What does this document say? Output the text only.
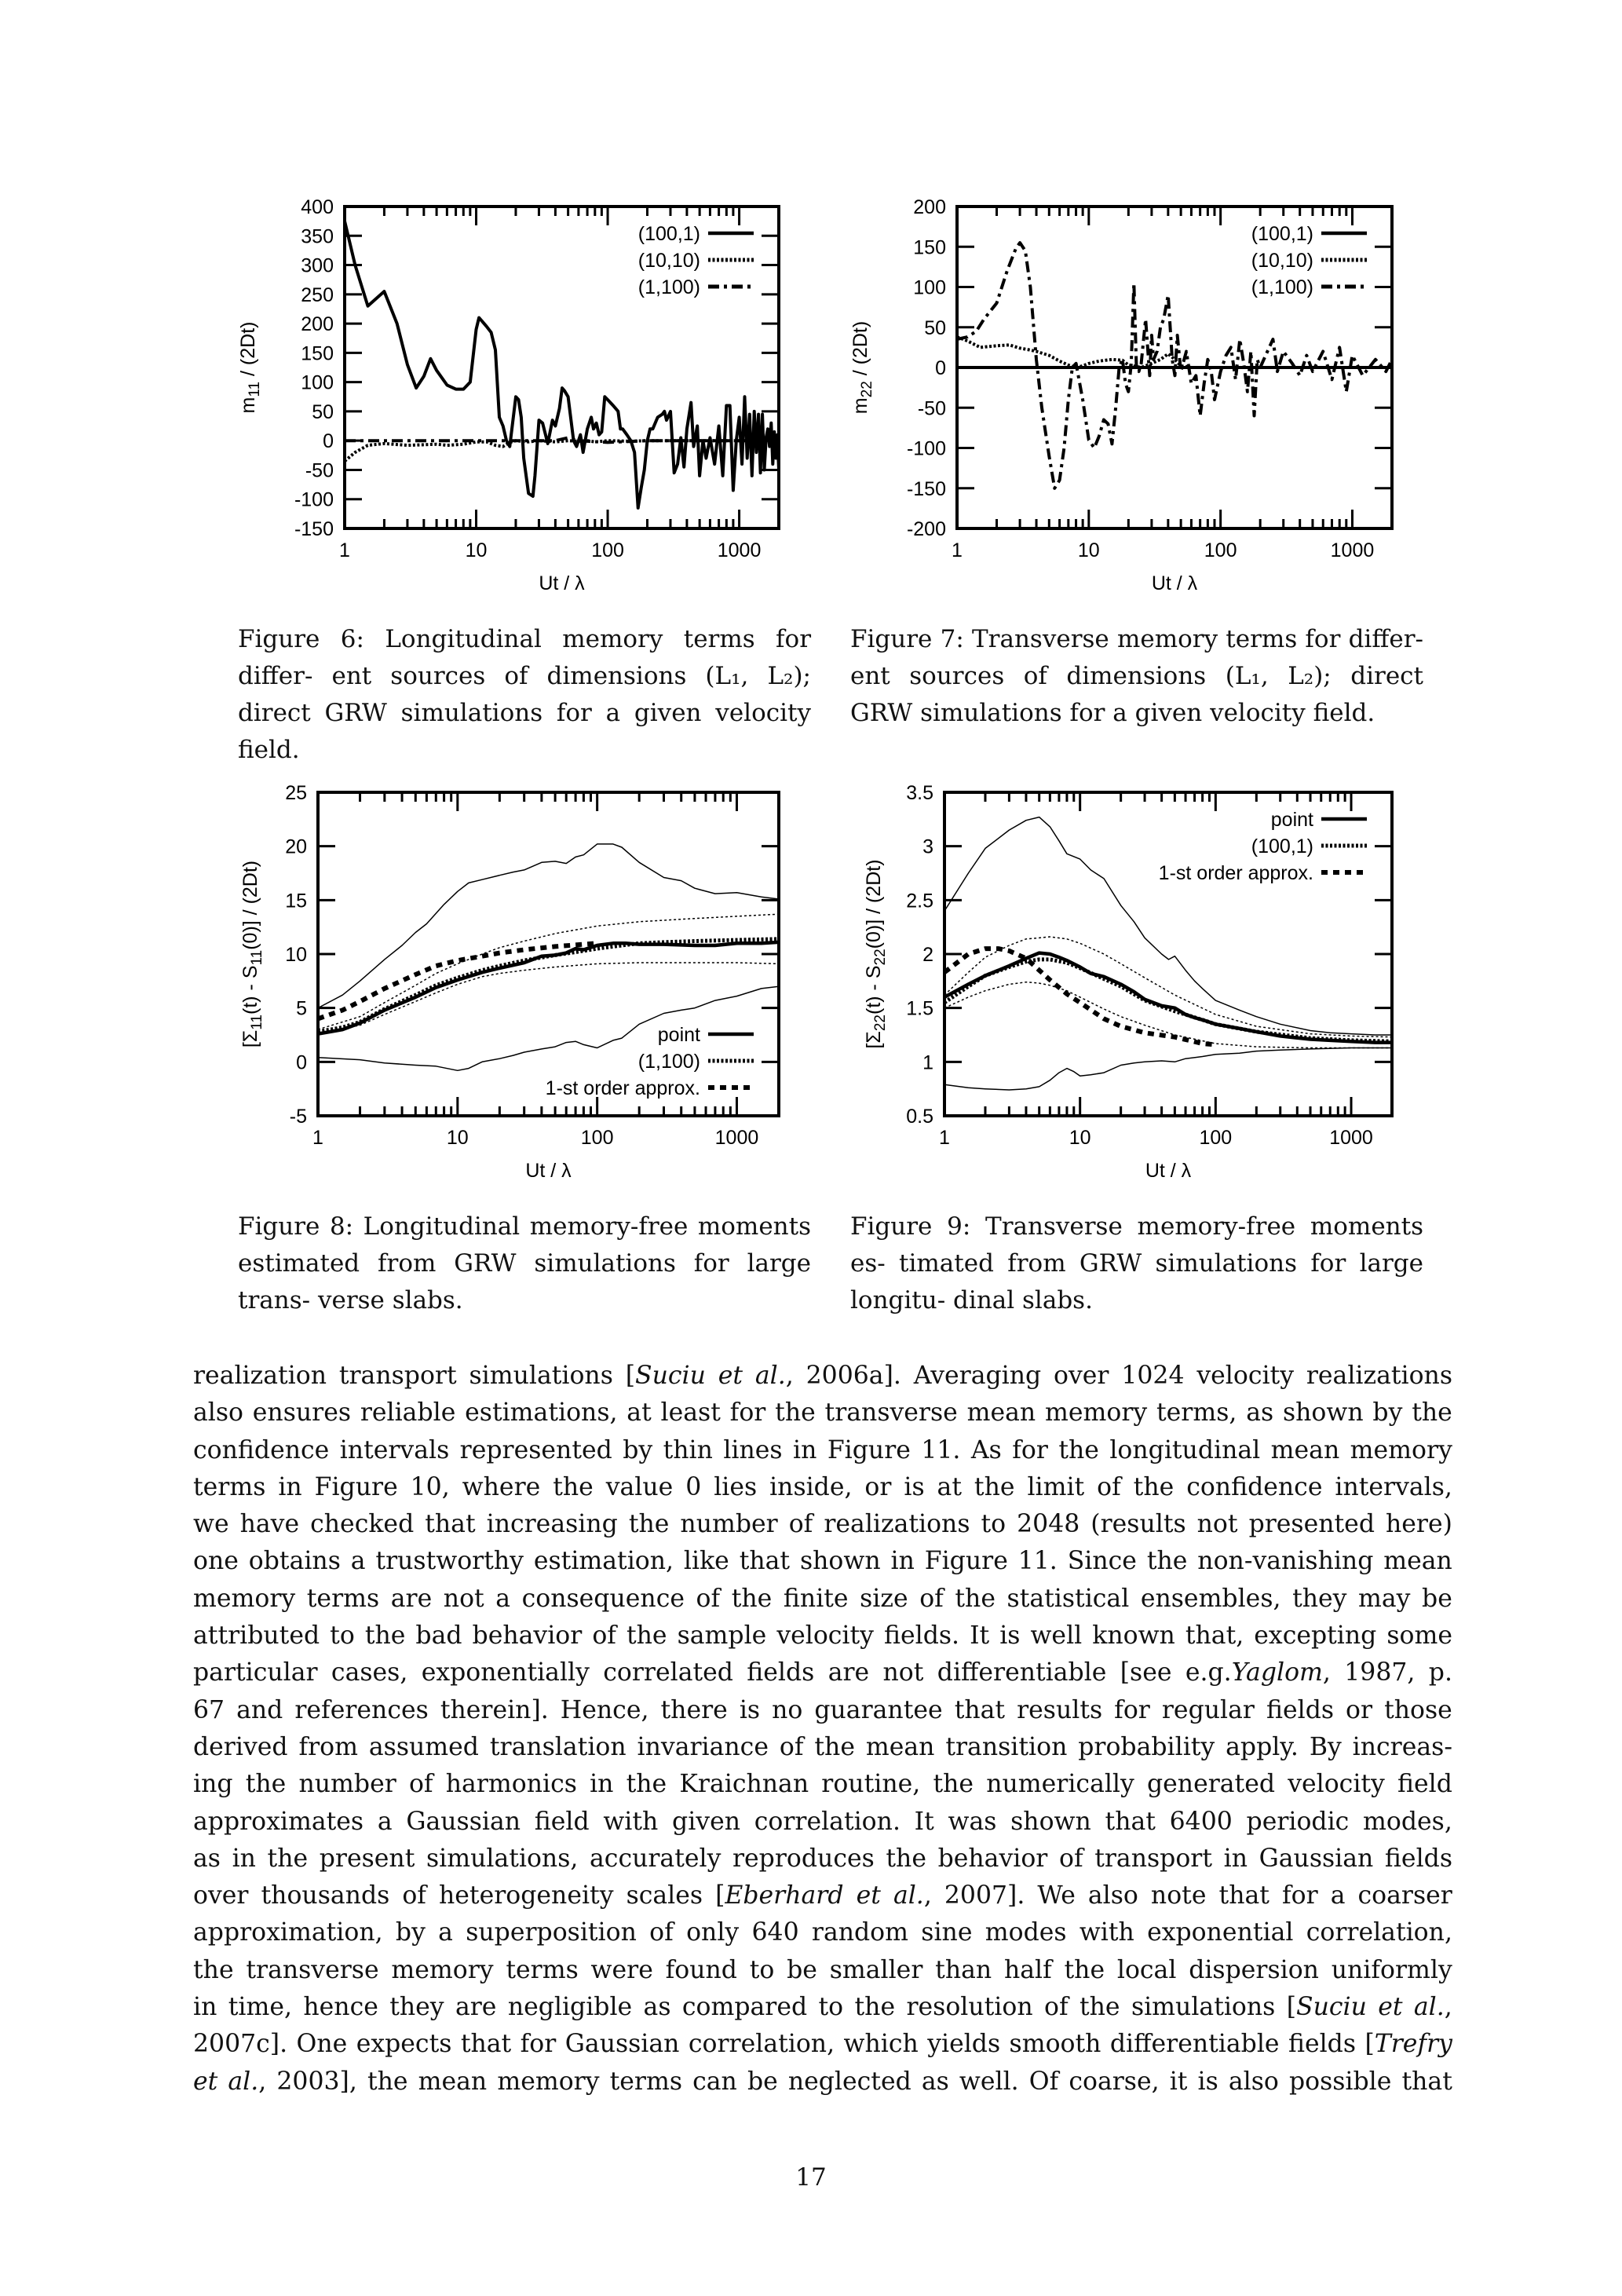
1	10	100	1000
-150
-100
-50
0
50
100
150
200
250
300
350
400
Ut / λ
$m_{11} / (2Dt)$
(100,1)
(10,10)
(1,100)
Figure 6: Longitudinal memory terms for differ- ent sources of dimensions (L₁, L₂); direct GRW simulations for a given velocity field.
1	10	100	1000
-200
-150
-100
-50
0
50
100
150
200
Ut / λ
$m_{22} / (2Dt)$
(100,1)
(10,10)
(1,100)
Figure 7: Transverse memory terms for differ- ent sources of dimensions (L₁, L₂); direct GRW simulations for a given velocity field.
1	10	100	1000
-5
0
5
10
15
20
25
Ut / λ
$[\Sigma_{11}(t) - S_{11}(0)] / (2Dt)$
point
(1,100)
1-st order approx.
Figure 8: Longitudinal memory-free moments estimated from GRW simulations for large trans- verse slabs.
1	10	100	1000
0.5
1
1.5
2
2.5
3
3.5
Ut / λ
$[\Sigma_{22}(t) - S_{22}(0)] / (2Dt)$
point
(100,1)
1-st order approx.
Figure 9: Transverse memory-free moments es- timated from GRW simulations for large longitu- dinal slabs.
realization transport simulations [Suciu et al., 2006a]. Averaging over 1024 velocity realizations
also ensures reliable estimations, at least for the transverse mean memory terms, as shown by the
confidence intervals represented by thin lines in Figure 11. As for the longitudinal mean memory
terms in Figure 10, where the value 0 lies inside, or is at the limit of the confidence intervals,
we have checked that increasing the number of realizations to 2048 (results not presented here)
one obtains a trustworthy estimation, like that shown in Figure 11. Since the non-vanishing mean
memory terms are not a consequence of the finite size of the statistical ensembles, they may be
attributed to the bad behavior of the sample velocity fields. It is well known that, excepting some
particular cases, exponentially correlated fields are not differentiable [see e.g.Yaglom, 1987, p.
67 and references therein]. Hence, there is no guarantee that results for regular fields or those
derived from assumed translation invariance of the mean transition probability apply. By increas-
ing the number of harmonics in the Kraichnan routine, the numerically generated velocity field
approximates a Gaussian field with given correlation. It was shown that 6400 periodic modes,
as in the present simulations, accurately reproduces the behavior of transport in Gaussian fields
over thousands of heterogeneity scales [Eberhard et al., 2007]. We also note that for a coarser
approximation, by a superposition of only 640 random sine modes with exponential correlation,
the transverse memory terms were found to be smaller than half the local dispersion uniformly
in time, hence they are negligible as compared to the resolution of the simulations [Suciu et al.,
2007c]. One expects that for Gaussian correlation, which yields smooth differentiable fields [Trefry
et al., 2003], the mean memory terms can be neglected as well. Of coarse, it is also possible that
17
